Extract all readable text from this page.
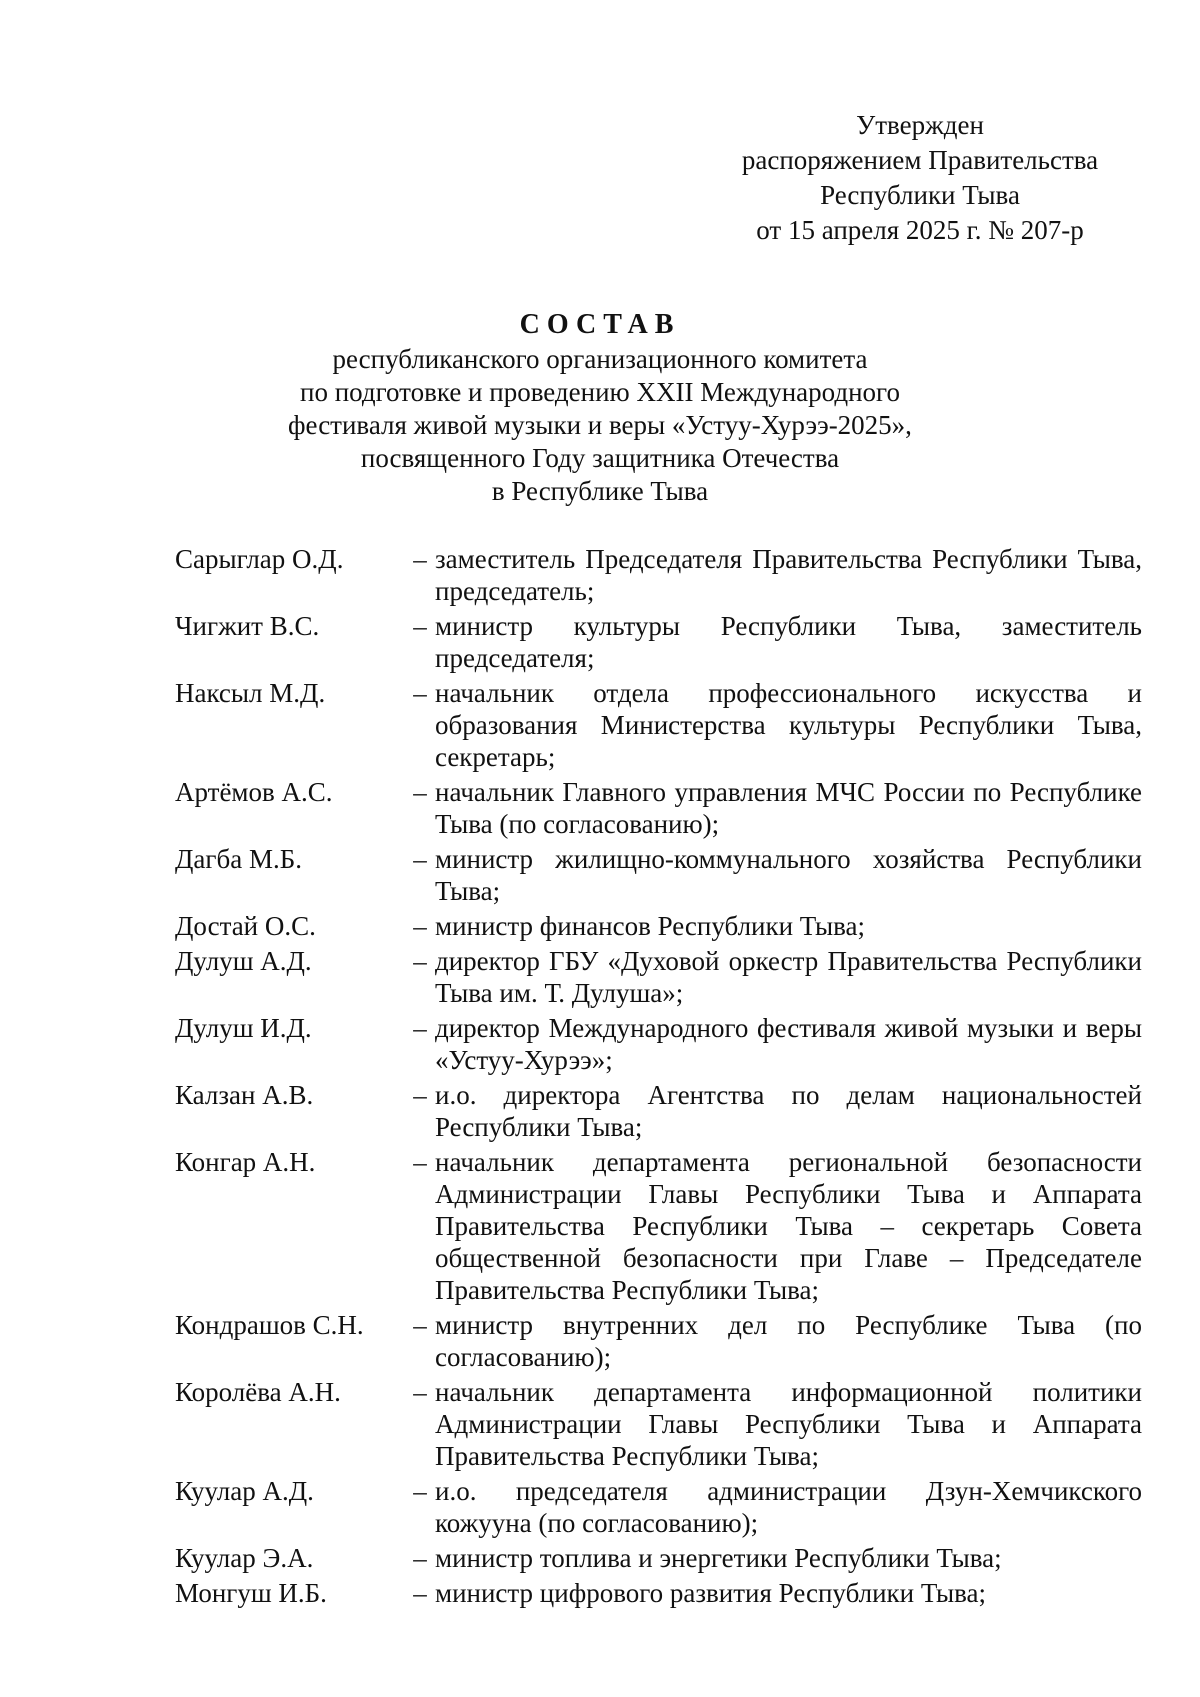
Утвержден
распоряжением Правительства
Республики Тыва
от 15 апреля 2025 г. № 207-р
СОСТАВ
республиканского организационного комитета
по подготовке и проведению XXII Международного
фестиваля живой музыки и веры «Устуу-Хурээ-2025»,
посвященного Году защитника Отечества
в Республике Тыва
Сарыглар О.Д.	– заместитель Председателя Правительства Республики Тыва, председатель;
Чигжит В.С.	– министр культуры Республики Тыва, заместитель председателя;
Наксыл М.Д.	– начальник отдела профессионального искусства и образования Министерства культуры Республики Тыва, секретарь;
Артёмов А.С.	– начальник Главного управления МЧС России по Республике Тыва (по согласованию);
Дагба М.Б.	– министр жилищно-коммунального хозяйства Республики Тыва;
Достай О.С.	– министр финансов Республики Тыва;
Дулуш А.Д.	– директор ГБУ «Духовой оркестр Правительства Республики Тыва им. Т. Дулуша»;
Дулуш И.Д.	– директор Международного фестиваля живой музыки и веры «Устуу-Хурээ»;
Калзан А.В.	– и.о. директора Агентства по делам национальностей Республики Тыва;
Конгар А.Н.	– начальник департамента региональной безопасности Администрации Главы Республики Тыва и Аппарата Правительства Республики Тыва – секретарь Совета общественной безопасности при Главе – Председателе Правительства Республики Тыва;
Кондрашов С.Н.	– министр внутренних дел по Республике Тыва (по согласованию);
Королёва А.Н.	– начальник департамента информационной политики Администрации Главы Республики Тыва и Аппарата Правительства Республики Тыва;
Куулар А.Д.	– и.о. председателя администрации Дзун-Хемчикского кожууна (по согласованию);
Куулар Э.А.	– министр топлива и энергетики Республики Тыва;
Монгуш И.Б.	– министр цифрового развития Республики Тыва;
